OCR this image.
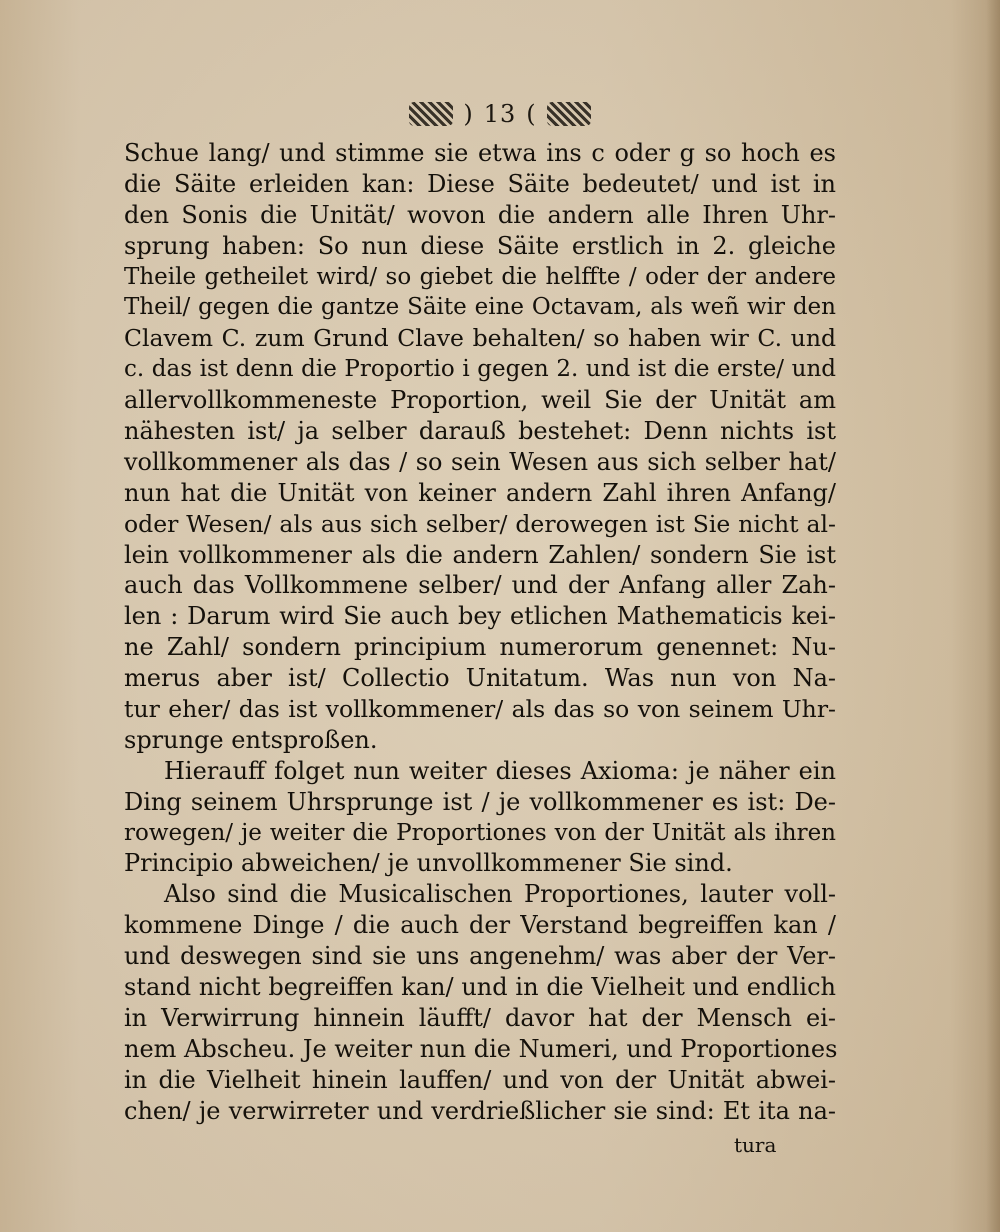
) 13 (
Schue lang/ und stimme sie etwa ins c oder g so hoch es
die Säite erleiden kan: Diese Säite bedeutet/ und ist in
den Sonis die Unität/ wovon die andern alle Ihren Uhr-
sprung haben: So nun diese Säite erstlich in 2. gleiche
Theile getheilet wird/ so giebet die helffte / oder der andere
Theil/ gegen die gantze Säite eine Octavam, als weñ wir den
Clavem C. zum Grund Clave behalten/ so haben wir C. und
c. das ist denn die Proportio i gegen 2. und ist die erste/ und
allervollkommeneste Proportion, weil Sie der Unität am
nähesten ist/ ja selber darauß bestehet: Denn nichts ist
vollkommener als das / so sein Wesen aus sich selber hat/
nun hat die Unität von keiner andern Zahl ihren Anfang/
oder Wesen/ als aus sich selber/ derowegen ist Sie nicht al-
lein vollkommener als die andern Zahlen/ sondern Sie ist
auch das Vollkommene selber/ und der Anfang aller Zah-
len : Darum wird Sie auch bey etlichen Mathematicis kei-
ne Zahl/ sondern principium numerorum genennet: Nu-
merus aber ist/ Collectio Unitatum. Was nun von Na-
tur eher/ das ist vollkommener/ als das so von seinem Uhr-
sprunge entsproßen.
Hierauff folget nun weiter dieses Axioma: je näher ein
Ding seinem Uhrsprunge ist / je vollkommener es ist: De-
rowegen/ je weiter die Proportiones von der Unität als ihren
Principio abweichen/ je unvollkommener Sie sind.
Also sind die Musicalischen Proportiones, lauter voll-
kommene Dinge / die auch der Verstand begreiffen kan /
und deswegen sind sie uns angenehm/ was aber der Ver-
stand nicht begreiffen kan/ und in die Vielheit und endlich
in Verwirrung hinnein läufft/ davor hat der Mensch ei-
nem Abscheu. Je weiter nun die Numeri, und Proportiones
in die Vielheit hinein lauffen/ und von der Unität abwei-
chen/ je verwirreter und verdrießlicher sie sind: Et ita na-
tura
